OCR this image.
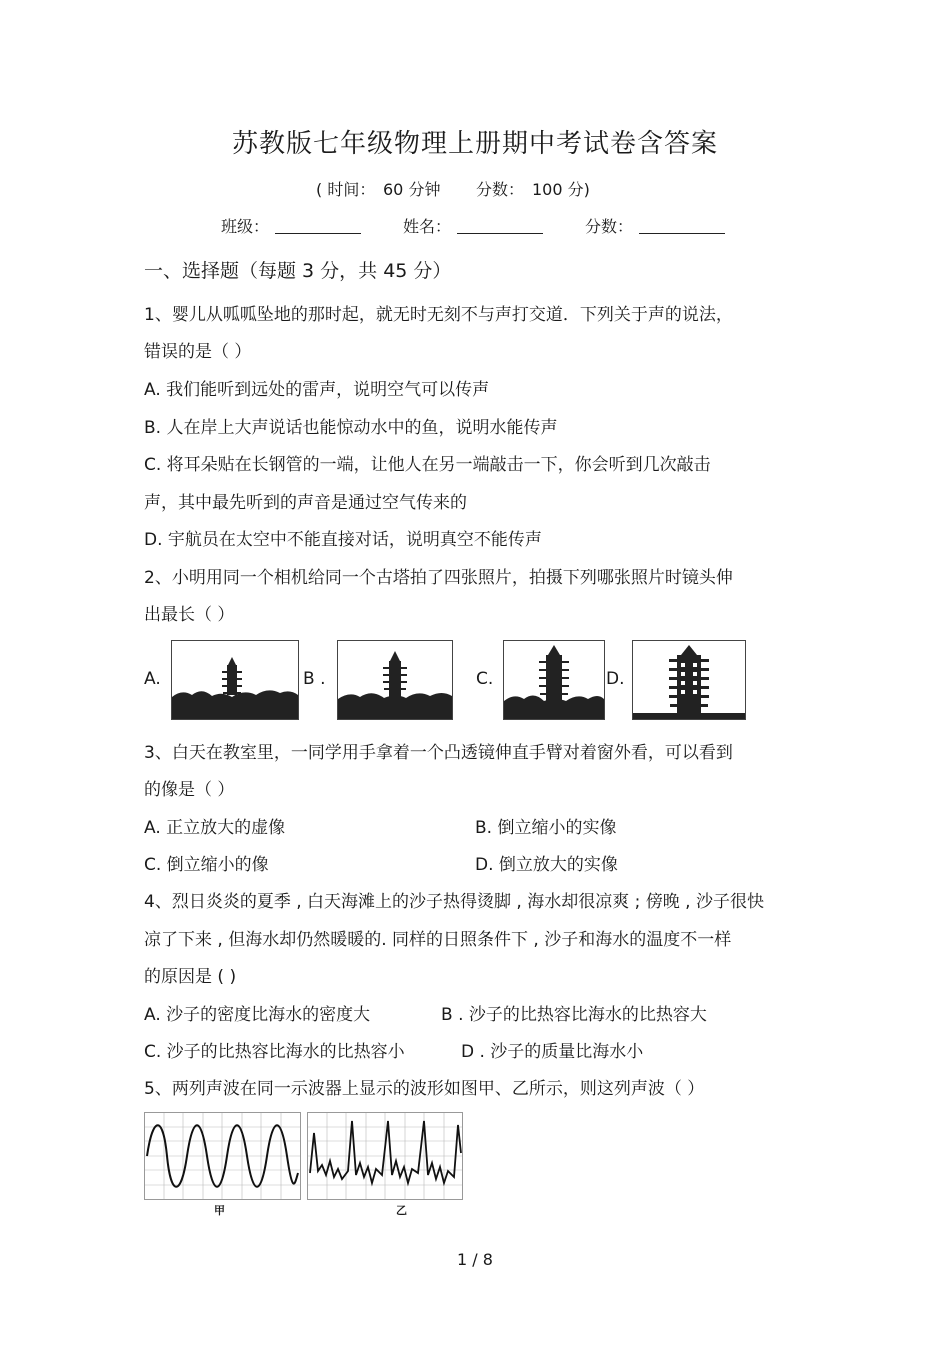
苏教版七年级物理上册期中考试卷含答案
( 时间： 60 分钟 分数： 100 分)
班级：	姓名：	分数：
一、选择题（每题 3 分，共 45 分）
1、婴儿从呱呱坠地的那时起，就无时无刻不与声打交道．下列关于声的说法，
错误的是（ ）
A. 我们能听到远处的雷声，说明空气可以传声
B. 人在岸上大声说话也能惊动水中的鱼，说明水能传声
C. 将耳朵贴在长钢管的一端，让他人在另一端敲击一下，你会听到几次敲击
声，其中最先听到的声音是通过空气传来的
D. 宇航员在太空中不能直接对话，说明真空不能传声
2、小明用同一个相机给同一个古塔拍了四张照片，拍摄下列哪张照片时镜头伸
出最长（ ）
A.	B .	C.	D.
3、白天在教室里，一同学用手拿着一个凸透镜伸直手臂对着窗外看，可以看到
的像是（ ）
A. 正立放大的虚像	B. 倒立缩小的实像
C. 倒立缩小的像	D. 倒立放大的实像
4、烈日炎炎的夏季 , 白天海滩上的沙子热得烫脚 , 海水却很凉爽 ; 傍晚 , 沙子很快
凉了下来 , 但海水却仍然暖暖的. 同样的日照条件下 , 沙子和海水的温度不一样
的原因是 ( )
A. 沙子的密度比海水的密度大	B . 沙子的比热容比海水的比热容大
C. 沙子的比热容比海水的比热容小	D . 沙子的质量比海水小
5、两列声波在同一示波器上显示的波形如图甲、乙所示，则这列声波（ ）
甲	乙
1 / 8
